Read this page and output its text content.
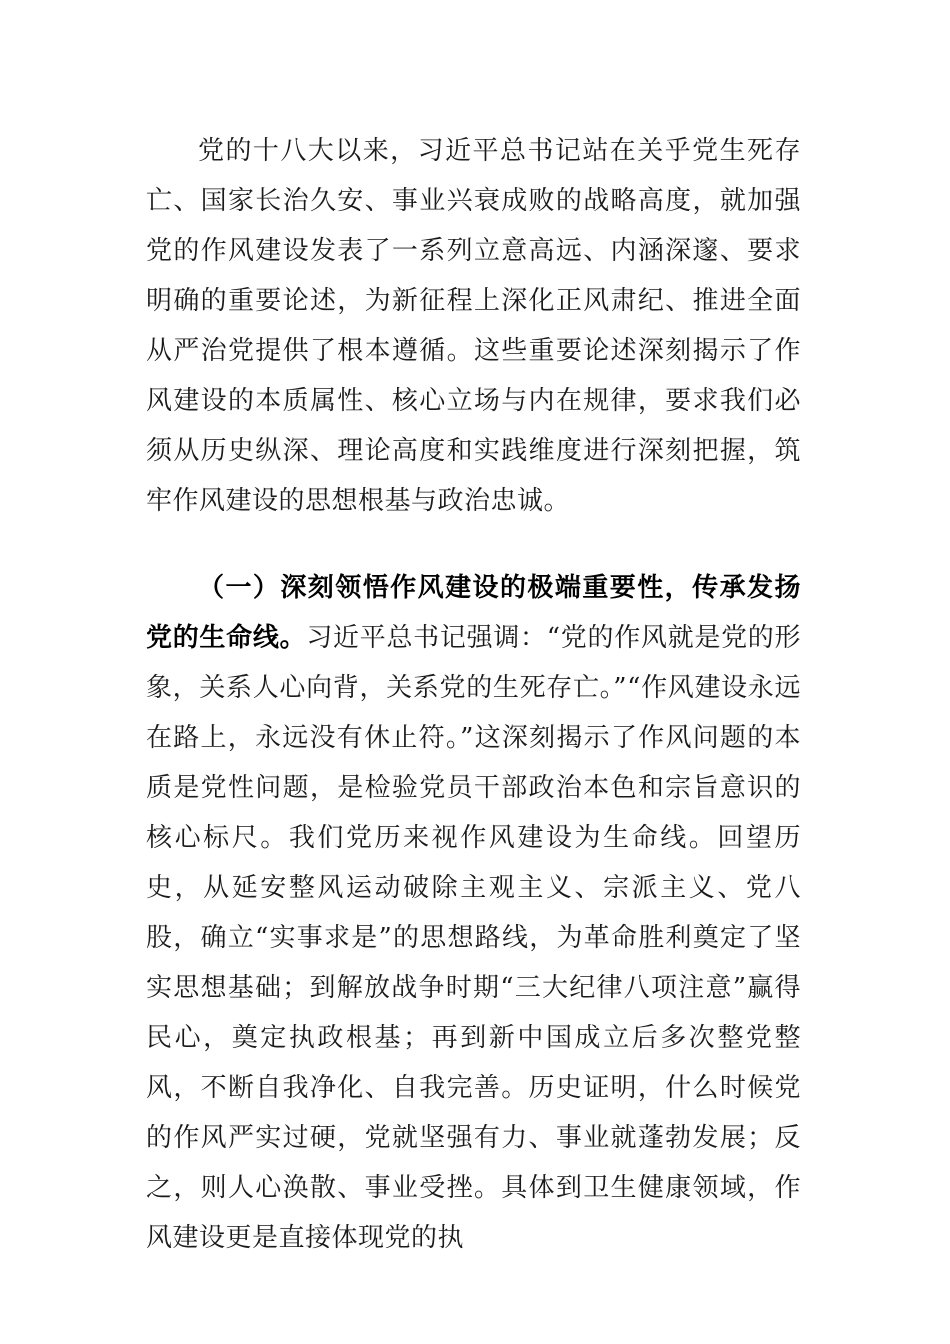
党的十八大以来，习近平总书记站在关乎党生死存亡、国家长治久安、事业兴衰成败的战略高度，就加强党的作风建设发表了一系列立意高远、内涵深邃、要求明确的重要论述，为新征程上深化正风肃纪、推进全面从严治党提供了根本遵循。这些重要论述深刻揭示了作风建设的本质属性、核心立场与内在规律，要求我们必须从历史纵深、理论高度和实践维度进行深刻把握，筑牢作风建设的思想根基与政治忠诚。

（一）深刻领悟作风建设的极端重要性，传承发扬党的生命线。习近平总书记强调：“党的作风就是党的形象，关系人心向背，关系党的生死存亡。”“作风建设永远在路上，永远没有休止符。”这深刻揭示了作风问题的本质是党性问题，是检验党员干部政治本色和宗旨意识的核心标尺。我们党历来视作风建设为生命线。回望历史，从延安整风运动破除主观主义、宗派主义、党八股，确立“实事求是”的思想路线，为革命胜利奠定了坚实思想基础；到解放战争时期“三大纪律八项注意”赢得民心，奠定执政根基；再到新中国成立后多次整党整风，不断自我净化、自我完善。历史证明，什么时候党的作风严实过硬，党就坚强有力、事业就蓬勃发展；反之，则人心涣散、事业受挫。具体到卫生健康领域，作风建设更是直接体现党的执
